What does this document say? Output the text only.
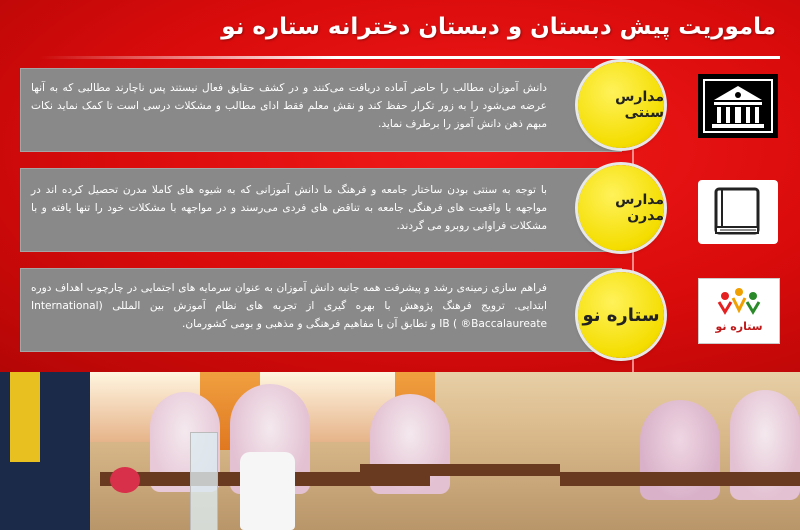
ماموریت پیش دبستان و دبستان دخترانه ستاره نو
دانش آموزان مطالب را حاضر آماده دریافت می‌کنند و در کشف حقایق فعال نیستند پس ناچارند مطالبی که به آنها عرضه می‌شود را به زور تکرار حفظ کند و نقش معلم فقط ادای مطالب و مشکلات درسی است تا کمک نماید نکات مبهم ذهن دانش آموز را برطرف نماید.
مدارس سنتی
با توجه به سنتی بودن ساختار جامعه و فرهنگ ما دانش آموزانی که به شیوه های کاملا مدرن تحصیل کرده اند در مواجهه با واقعیت های فرهنگی جامعه به تناقض های فردی می‌رسند و در مواجهه با مشکلات خود را تنها یافته و با مشکلات فراوانی روبرو می گردند.
مدارس مدرن
فراهم سازی زمینه‌ی رشد و پیشرفت همه جانبه دانش آموزان به عنوان سرمایه های اجتمایی در چارچوب اهداف دوره ابتدایی. ترویج فرهنگ پژوهش با بهره گیری از تجربه های نظام آموزش بین المللی (International Baccalaureate® ) IB و تطابق آن با مفاهیم فرهنگی و مذهبی و بومی کشورمان.	ستاره نو
ستاره نو
